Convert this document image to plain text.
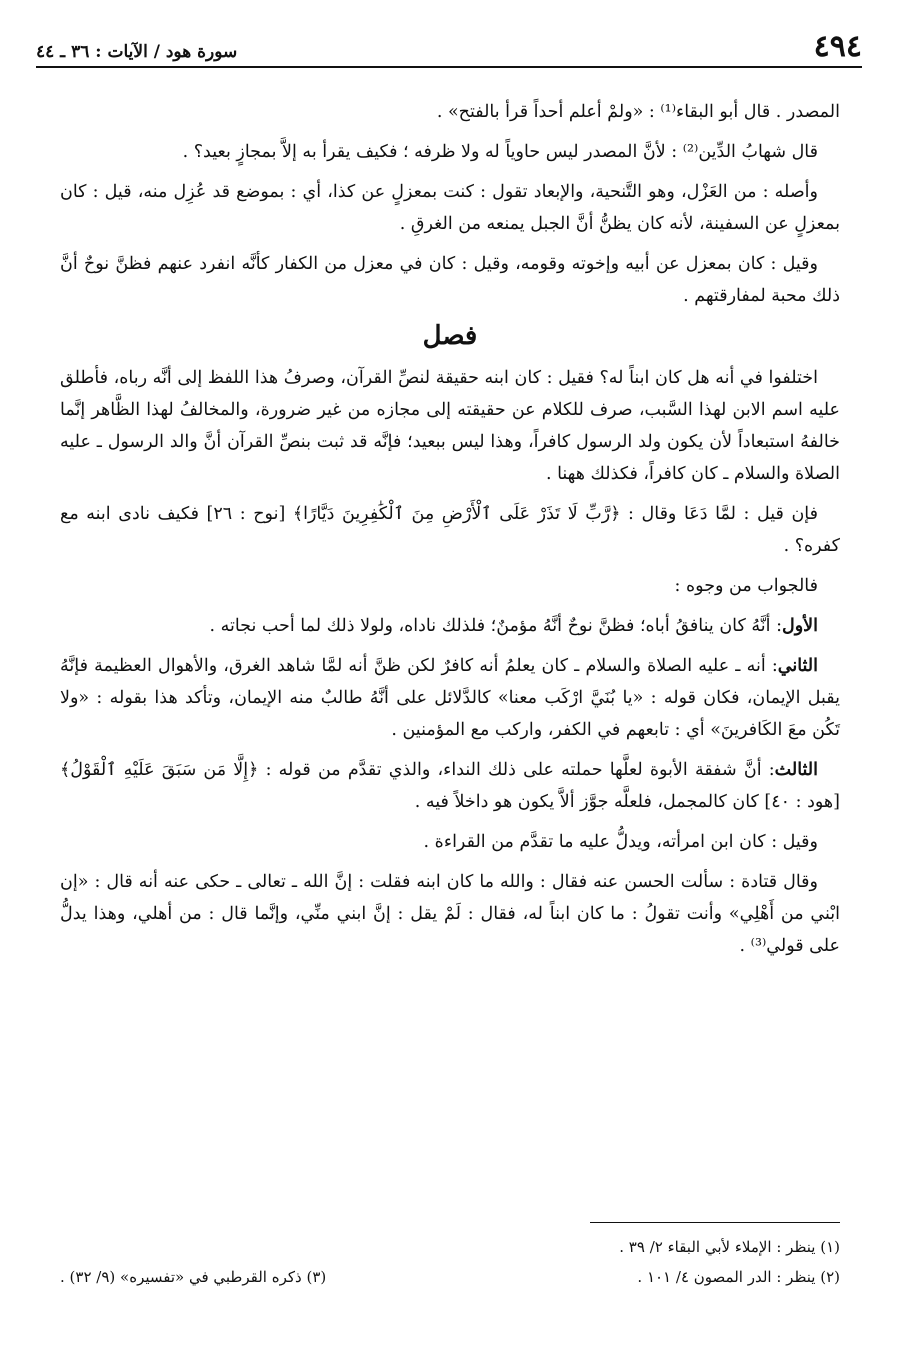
٤٩٤
سورة هود / الآيات : ٣٦ ـ ٤٤

المصدر . قال أبو البقاء⁽¹⁾ : «ولمْ أعلم أحداً قرأ بالفتح» .

قال شهابُ الدِّين⁽²⁾ : لأنَّ المصدر ليس حاوياً له ولا ظرفه ؛ فكيف يقرأ به إلاَّ بمجازٍ بعيد؟ .

وأصله : من العَزْل، وهو التَّنحية، والإبعاد تقول : كنت بمعزلٍ عن كذا، أي : بموضع قد عُزِل منه، قيل : كان بمعزلٍ عن السفينة، لأنه كان يظنُّ أنَّ الجبل يمنعه من الغرقِ .

وقيل : كان بمعزل عن أبيه وإخوته وقومه، وقيل : كان في معزل من الكفار كأنَّه انفرد عنهم فظنَّ نوحٌ أنَّ ذلك محبة لمفارقتهم .

فصل

اختلفوا في أنه هل كان ابناً له؟ فقيل : كان ابنه حقيقة لنصِّ القرآن، وصرفُ هذا اللفظ إلى أنَّه رباه، فأطلق عليه اسم الابن لهذا السَّبب، صرف للكلام عن حقيقته إلى مجازه من غير ضرورة، والمخالفُ لهذا الظَّاهر إنَّما خالفهُ استبعاداً لأن يكون ولد الرسول كافراً، وهذا ليس ببعيد؛ فإنَّه قد ثبت بنصِّ القرآن أنَّ والد الرسول ـ عليه الصلاة والسلام ـ كان كافراً، فكذلك ههنا .

فإن قيل : لمَّا دَعَا وقال : ﴿رَّبِّ لَا تَذَرْ عَلَى ٱلْأَرْضِ مِنَ ٱلْكَٰفِرِينَ دَيَّارًا﴾ [نوح : ٢٦] فكيف نادى ابنه مع كفره؟ .

فالجواب من وجوه :

الأول: أنَّهُ كان ينافقُ أباه؛ فظنَّ نوحٌ أنَّهُ مؤمنٌ؛ فلذلك ناداه، ولولا ذلك لما أحب نجاته .

الثاني: أنه ـ عليه الصلاة والسلام ـ كان يعلمُ أنه كافرٌ لكن ظنَّ أنه لمَّا شاهد الغرق، والأهوال العظيمة فإنَّهُ يقبل الإيمان، فكان قوله : «يا بُنَيَّ ارْكَب معنا» كالدَّلائل على أنَّهُ طالبٌ منه الإيمان، وتأكد هذا بقوله : «ولا تَكُن معَ الكَافرينَ» أي : تابعهم في الكفر، واركب مع المؤمنين .

الثالث: أنَّ شفقة الأبوة لعلَّها حملته على ذلك النداء، والذي تقدَّم من قوله : ﴿إِلَّا مَن سَبَقَ عَلَيْهِ ٱلْقَوْلُ﴾ [هود : ٤٠] كان كالمجمل، فلعلَّه جوَّز ألاَّ يكون هو داخلاً فيه .

وقيل : كان ابن امرأته، ويدلُّ عليه ما تقدَّم من القراءة .

وقال قتادة : سألت الحسن عنه فقال : والله ما كان ابنه فقلت : إنَّ الله ـ تعالى ـ حكى عنه أنه قال : «إن ابْني من أَهْلِي» وأنت تقولُ : ما كان ابناً له، فقال : لَمْ يقل : إنَّ ابني منِّي، وإنَّما قال : من أهلي، وهذا يدلُّ على قولي⁽³⁾ .

(١) ينظر : الإملاء لأبي البقاء ٢/ ٣٩ .
(٢) ينظر : الدر المصون ٤/ ١٠١ .
(٣) ذكره القرطبي في «تفسيره» (٩/ ٣٢) .
